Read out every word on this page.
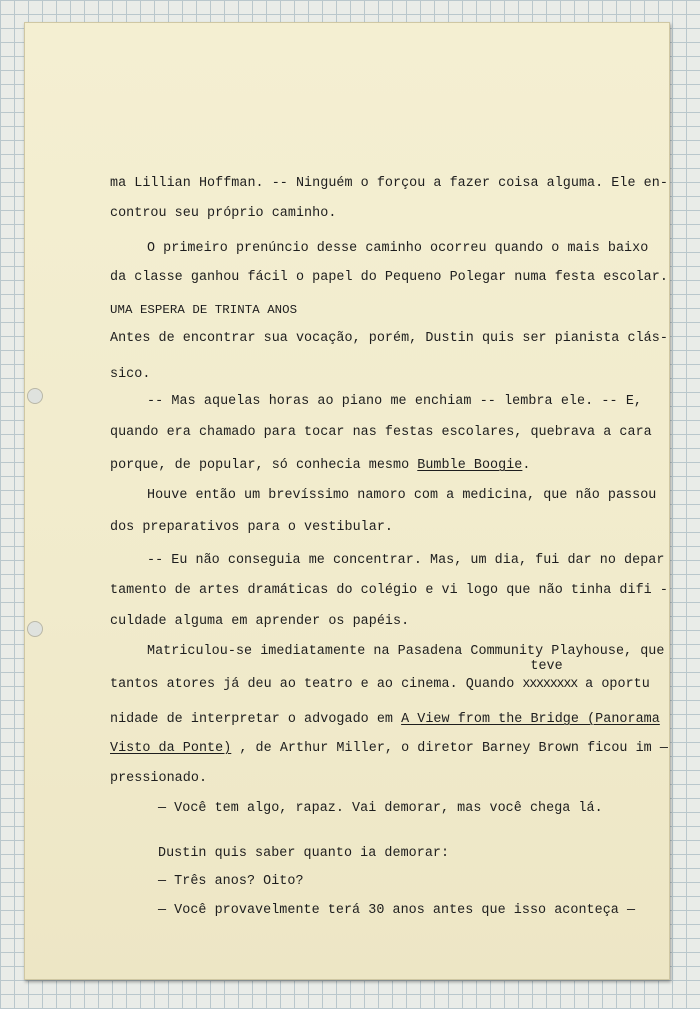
ma Lillian Hoffman. -- Ninguém o forçou a fazer coisa alguma. Ele en-
controu seu próprio caminho.
O primeiro prenúncio desse caminho ocorreu quando o mais baixo
da classe ganhou fácil o papel do Pequeno Polegar numa festa escolar.
UMA ESPERA DE TRINTA ANOS
Antes de encontrar sua vocação, porém, Dustin quis ser pianista clás-
sico.
-- Mas aquelas horas ao piano me enchiam -- lembra ele. -- E,
quando era chamado para tocar nas festas escolares, quebrava a cara
porque, de popular, só conhecia mesmo Bumble Boogie.
Houve então um brevíssimo namoro com a medicina, que não passou
dos preparativos para o vestibular.
-- Eu não conseguia me concentrar. Mas, um dia, fui dar no depar
tamento de artes dramáticas do colégio e vi logo que não tinha difi -
culdade alguma em aprender os papéis.
Matriculou-se imediatamente na Pasadena Community Playhouse, que
tantos atores já deu ao teatro e ao cinema. Quando xxxxxxxx
teve
a oportu
nidade de interpretar o advogado em A View from the Bridge (Panorama
Visto da Ponte) , de Arthur Miller, o diretor Barney Brown ficou im —
pressionado.
— Você tem algo, rapaz. Vai demorar, mas você chega lá.
Dustin quis saber quanto ia demorar:
— Três anos? Oito?
— Você provavelmente terá 30 anos antes que isso aconteça —
